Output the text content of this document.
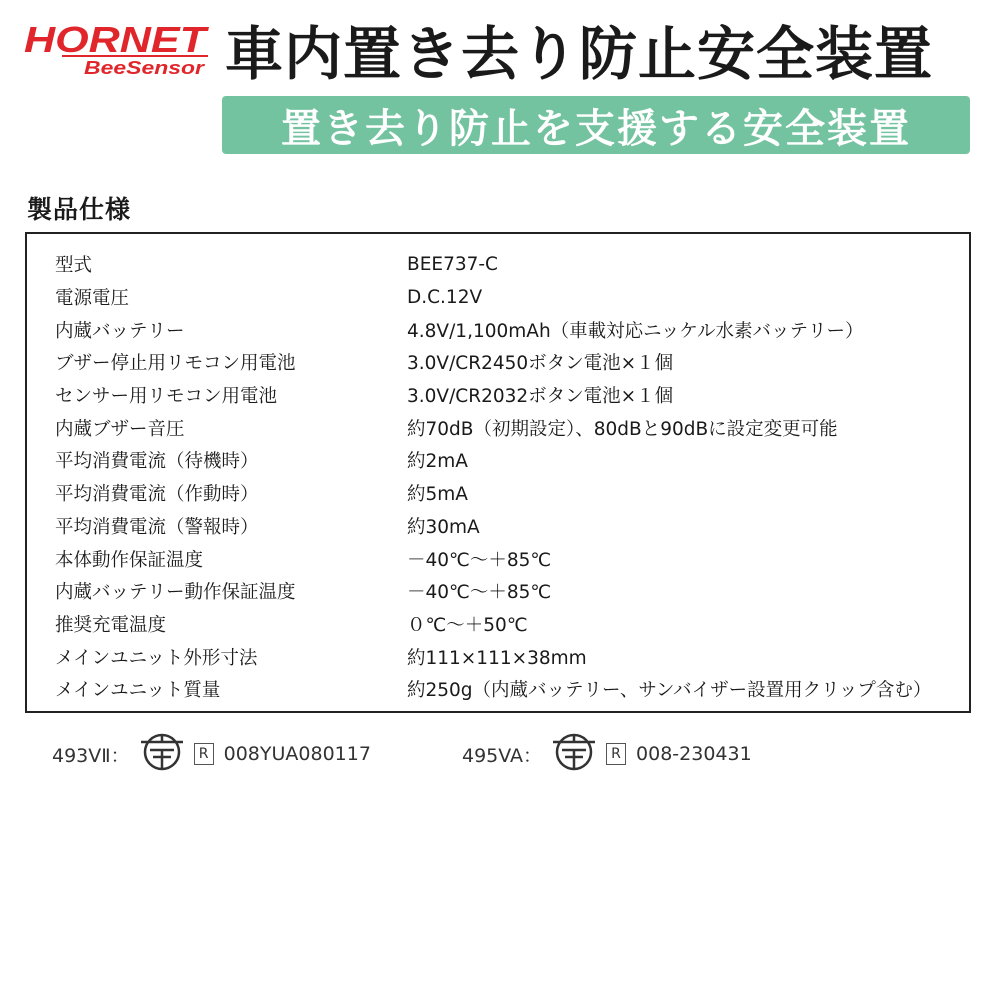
HORNET
BeeSensor 車内置き去り防止安全装置
置き去り防止を支援する安全装置
製品仕様
型式	BEE737-C
電源電圧	D.C.12V
内蔵バッテリー	4.8V/1,100mAh（車載対応ニッケル水素バッテリー）
ブザー停止用リモコン用電池	3.0V/CR2450ボタン電池×１個
センサー用リモコン用電池	3.0V/CR2032ボタン電池×１個
内蔵ブザー音圧	約70dB（初期設定）、80dBと90dBに設定変更可能
平均消費電流（待機時）	約2mA
平均消費電流（作動時）	約5mA
平均消費電流（警報時）	約30mA
本体動作保証温度	－40℃～＋85℃
内蔵バッテリー動作保証温度	－40℃～＋85℃
推奨充電温度	０℃～＋50℃
メインユニット外形寸法	約111×111×38mm
メインユニット質量	約250g（内蔵バッテリー、サンバイザー設置用クリップ含む）
493VⅡ：	R 008YUA080117	495VA：	R 008-230431
